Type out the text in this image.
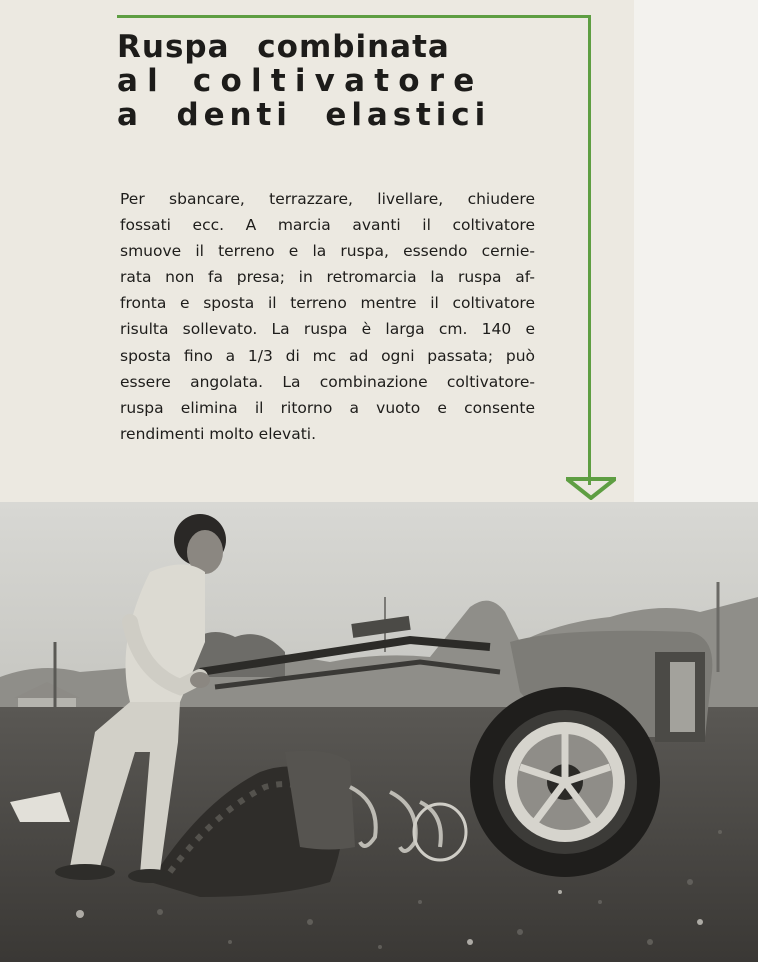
Ruspa combinata
al coltivatore
a denti elastici

Per sbancare, terrazzare, livellare, chiudere
fossati ecc. A marcia avanti il coltivatore
smuove il terreno e la ruspa, essendo cernie-
rata non fa presa; in retromarcia la ruspa af-
fronta e sposta il terreno mentre il coltivatore
risulta sollevato. La ruspa è larga cm. 140 e
sposta fino a 1/3 di mc ad ogni passata; può
essere angolata. La combinazione coltivatore-
ruspa elimina il ritorno a vuoto e consente
rendimenti molto elevati.
